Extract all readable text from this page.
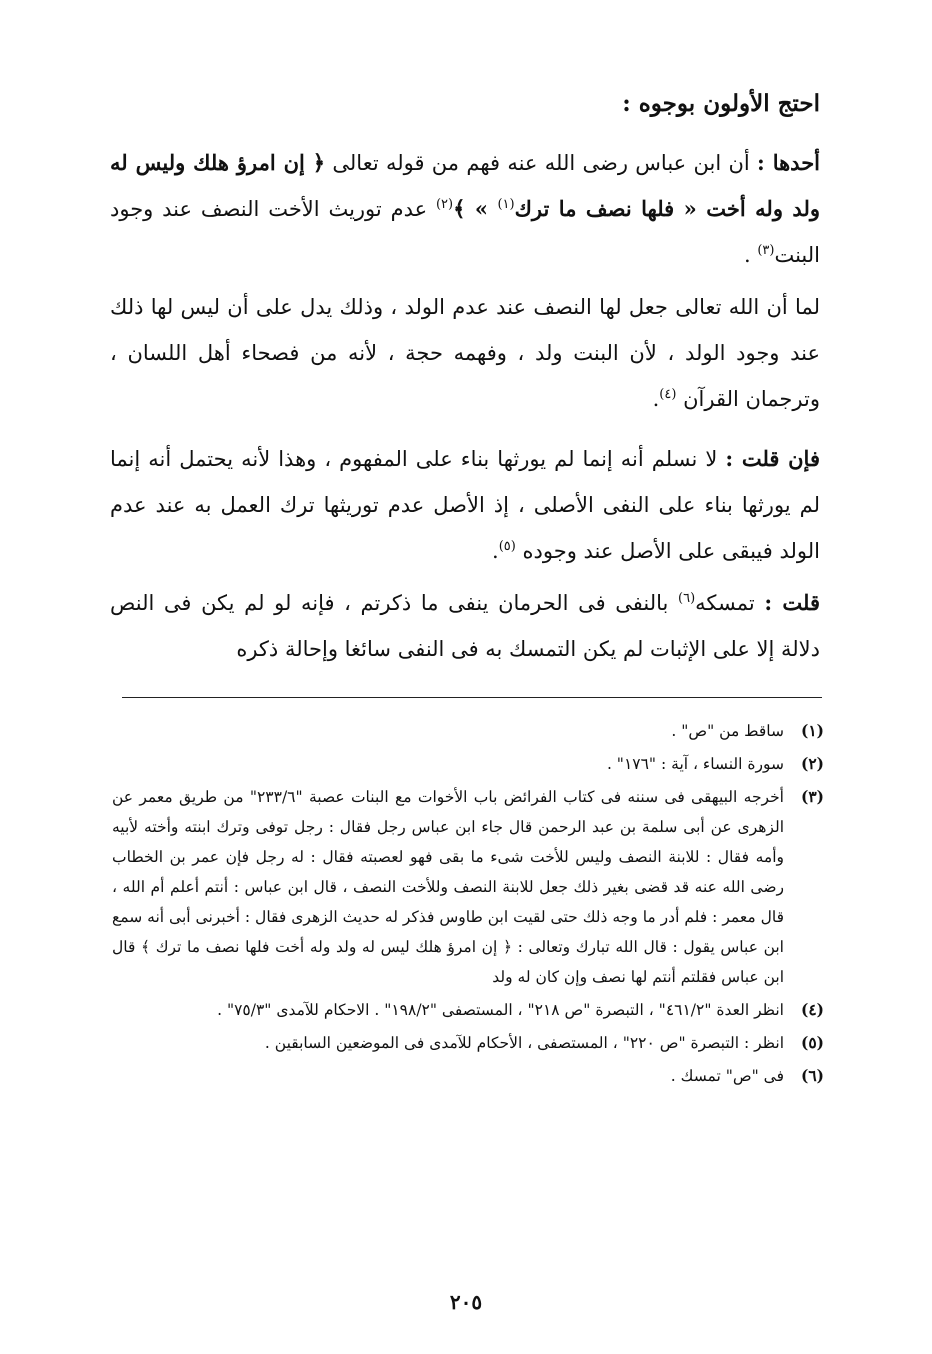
احتج الأولون بوجوه :
أحدها : أن ابن عباس رضى الله عنه فهم من قوله تعالى ﴿ إن امرؤ هلك وليس له ولد وله أخت « فلها نصف ما ترك$^{(١)}$ » ﴾$^{(٢)}$ عدم توريث الأخت النصف عند وجود البنت$^{(٣)}$ .
لما أن الله تعالى جعل لها النصف عند عدم الولد ، وذلك يدل على أن ليس لها ذلك عند وجود الولد ، لأن البنت ولد ، وفهمه حجة ، لأنه من فصحاء أهل اللسان ، وترجمان القرآن $^{(٤)}$.
فإن قلت : لا نسلم أنه إنما لم يورثها بناء على المفهوم ، وهذا لأنه يحتمل أنه إنما لم يورثها بناء على النفى الأصلى ، إذ الأصل عدم توريثها ترك العمل به عند عدم الولد فيبقى على الأصل عند وجوده $^{(٥)}$.
قلت : تمسكه$^{(٦)}$ بالنفى فى الحرمان ينفى ما ذكرتم ، فإنه لو لم يكن فى النص دلالة إلا على الإثبات لم يكن التمسك به فى النفى سائغا وإحالة ذكره
(١)
ساقط من "ص" .
(٢)
سورة النساء ، آية : "١٧٦" .
(٣)
أخرجه البيهقى فى سننه فى كتاب الفرائض باب الأخوات مع البنات عصبة "٢٣٣/٦" من طريق معمر عن الزهرى عن أبى سلمة بن عبد الرحمن قال جاء ابن عباس رجل فقال : رجل توفى وترك ابنته وأخته لأبيه وأمه فقال : للابنة النصف وليس للأخت شىء ما بقى فهو لعصبته فقال : له رجل فإن عمر بن الخطاب رضى الله عنه قد قضى بغير ذلك جعل للابنة النصف وللأخت النصف ، قال ابن عباس : أنتم أعلم أم الله ، قال معمر : فلم أدر ما وجه ذلك حتى لقيت ابن طاوس فذكر له حديث الزهرى فقال : أخبرنى أبى أنه سمع ابن عباس يقول : قال الله تبارك وتعالى : ﴿ إن امرؤ هلك ليس له ولد وله أخت فلها نصف ما ترك ﴾ قال ابن عباس فقلتم أنتم لها نصف وإن كان له ولد
(٤)
انظر العدة "٤٦١/٢" ، التبصرة "ص ٢١٨" ، المستصفى "١٩٨/٢" . الاحكام للآمدى "٧٥/٣" .
(٥)
انظر : التبصرة "ص ٢٢٠" ، المستصفى ، الأحكام للآمدى فى الموضعين السابقين .
(٦)
فى "ص" تمسك .
٢٠٥
